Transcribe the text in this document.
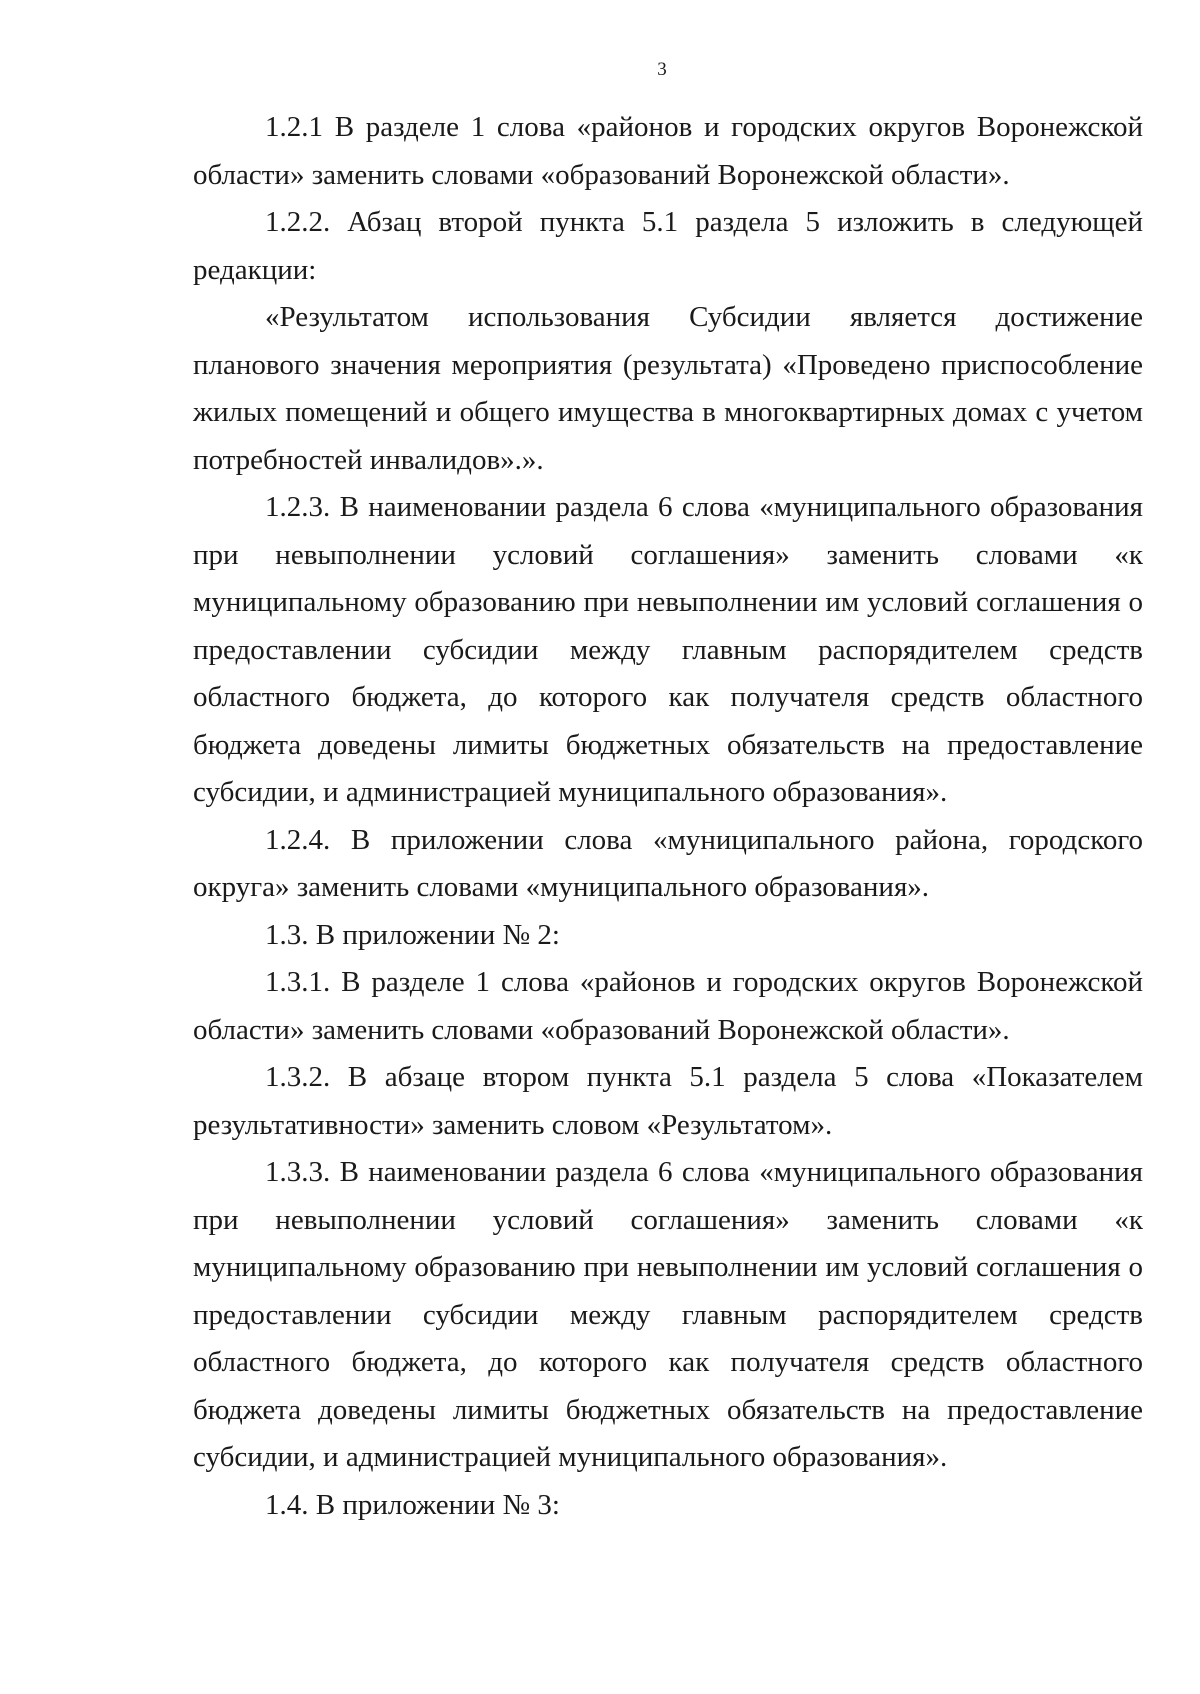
3

1.2.1 В разделе 1 слова «районов и городских округов Воронежской области» заменить словами «образований Воронежской области».

1.2.2. Абзац второй пункта 5.1 раздела 5 изложить в следующей редакции:

«Результатом использования Субсидии является достижение планового значения мероприятия (результата) «Проведено приспособление жилых помещений и общего имущества в многоквартирных домах с учетом потребностей инвалидов».».

1.2.3. В наименовании раздела 6 слова «муниципального образования при невыполнении условий соглашения» заменить словами «к муниципальному образованию при невыполнении им условий соглашения о предоставлении субсидии между главным распорядителем средств областного бюджета, до которого как получателя средств областного бюджета доведены лимиты бюджетных обязательств на предоставление субсидии, и администрацией муниципального образования».

1.2.4. В приложении слова «муниципального района, городского округа» заменить словами «муниципального образования».

1.3. В приложении № 2:

1.3.1. В разделе 1 слова «районов и городских округов Воронежской области» заменить словами «образований Воронежской области».

1.3.2. В абзаце втором пункта 5.1 раздела 5 слова «Показателем результативности» заменить словом «Результатом».

1.3.3. В наименовании раздела 6 слова «муниципального образования при невыполнении условий соглашения» заменить словами «к муниципальному образованию при невыполнении им условий соглашения о предоставлении субсидии между главным распорядителем средств областного бюджета, до которого как получателя средств областного бюджета доведены лимиты бюджетных обязательств на предоставление субсидии, и администрацией муниципального образования».

1.4. В приложении № 3:
